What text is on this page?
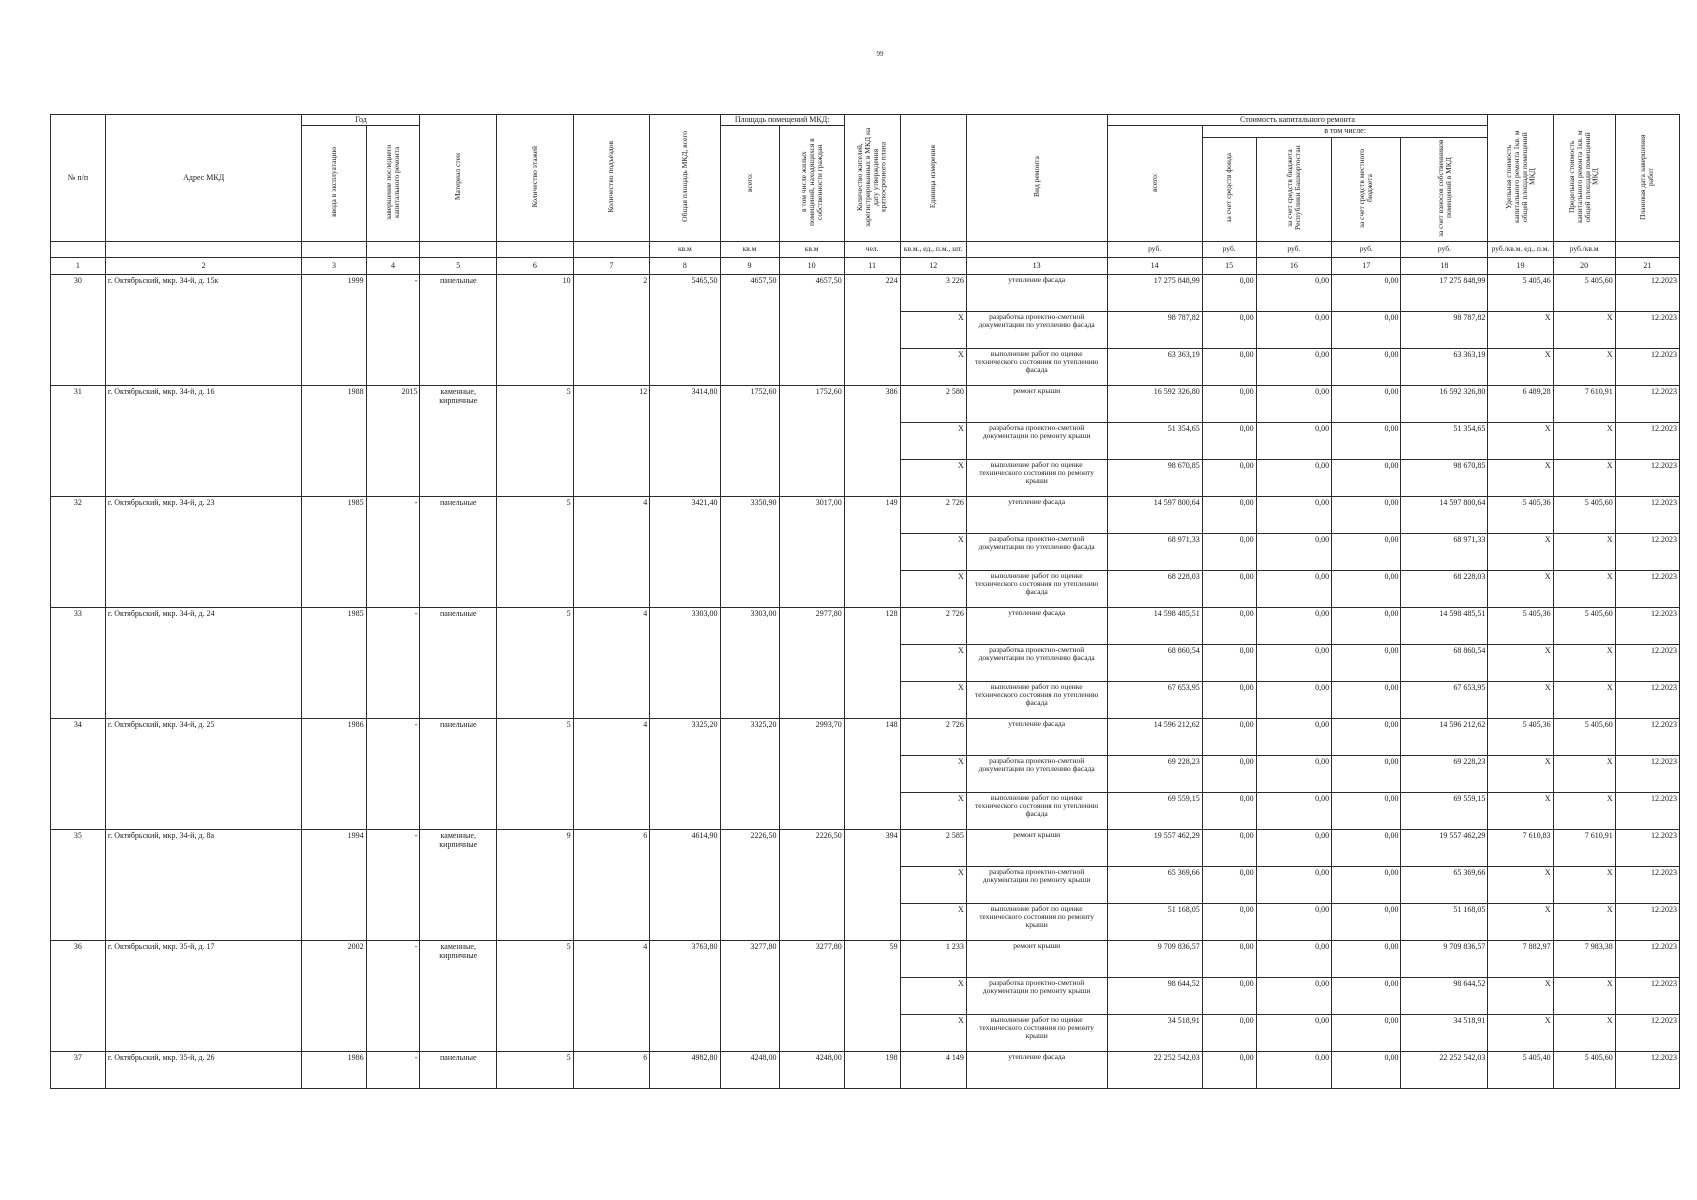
99
№ п/п	Адрес МКД	Год		Материал стен	Количество этажей	Количество подъездов	Общая площадь МКД, всего	Площадь помещений МКД:		Количество жителей, зарегистрированных в МКД на дату утверждения краткосрочного плана	Единица измерения	Вид ремонта	Стоимость капитального ремонта					Удельная стоимость капитального ремонта 1кв. м общей площади помещений МКД	Предельная стоимость капитального ремонта 1кв. м общей площади помещений МКД	Плановая дата завершения работ
		ввода в эксплуатацию	завершение последнего капитального ремонта					всего:	в том числе жилых помещений, находящихся в собственности граждан				всего:	в том числе:						
														за счет средств фонда	за счет средств бюджета Республики Башкортостан	за счет средств местного бюджета	за счет взносов собственников помещений в МКД			
							кв.м	кв.м	кв.м	чел.	кв.м., ед., п.м., шт.		руб.	руб.	руб.	руб.	руб.	руб./кв.м. ед., п.м.	руб./кв.м	
1	2	3	4	5	6	7	8	9	10	11	12	13	14	15	16	17	18	19	20	21
30	г. Октябрьский, мкр. 34-й, д. 15к	1999	-	панельные	10	2	5465,50	4657,50	4657,50	224	3 226	утепление фасада	17 275 848,99	0,00	0,00	0,00	17 275 848,99	5 405,46	5 405,60	12.2023
											X	разработка проектно-сметной документации по утеплению фасада	98 787,82	0,00	0,00	0,00	98 787,82	X	X	12.2023
											X	выполнение работ по оценке технического состояния по утеплению фасада	63 363,19	0,00	0,00	0,00	63 363,19	X	X	12.2023
31	г. Октябрьский, мкр. 34-й, д. 16	1988	2015	каменные, кирпичные	5	12	3414,80	1752,60	1752,60	386	2 580	ремонт крыши	16 592 326,80	0,00	0,00	0,00	16 592 326,80	6 489,28	7 610,91	12.2023
											X	разработка проектно-сметной документации по ремонту крыши	51 354,65	0,00	0,00	0,00	51 354,65	X	X	12.2023
											X	выполнение работ по оценке технического состояния по ремонту крыши	98 670,85	0,00	0,00	0,00	98 670,85	X	X	12.2023
32	г. Октябрьский, мкр. 34-й, д. 23	1985	-	панельные	5	4	3421,40	3350,90	3017,00	149	2 726	утепление фасада	14 597 800,64	0,00	0,00	0,00	14 597 800,64	5 405,36	5 405,60	12.2023
											X	разработка проектно-сметной документации по утеплению фасада	68 971,33	0,00	0,00	0,00	68 971,33	X	X	12.2023
											X	выполнение работ по оценке технического состояния по утеплению фасада	68 228,03	0,00	0,00	0,00	68 228,03	X	X	12.2023
33	г. Октябрьский, мкр. 34-й, д. 24	1985	-	панельные	5	4	3303,00	3303,00	2977,80	128	2 726	утепление фасада	14 598 485,51	0,00	0,00	0,00	14 598 485,51	5 405,36	5 405,60	12.2023
											X	разработка проектно-сметной документации по утеплению фасада	68 860,54	0,00	0,00	0,00	68 860,54	X	X	12.2023
											X	выполнение работ по оценке технического состояния по утеплению фасада	67 653,95	0,00	0,00	0,00	67 653,95	X	X	12.2023
34	г. Октябрьский, мкр. 34-й, д. 25	1986	-	панельные	5	4	3325,20	3325,20	2993,70	148	2 726	утепление фасада	14 596 212,62	0,00	0,00	0,00	14 596 212,62	5 405,36	5 405,60	12.2023
											X	разработка проектно-сметной документации по утеплению фасада	69 228,23	0,00	0,00	0,00	69 228,23	X	X	12.2023
											X	выполнение работ по оценке технического состояния по утеплению фасада	69 559,15	0,00	0,00	0,00	69 559,15	X	X	12.2023
35	г. Октябрьский, мкр. 34-й, д. 8а	1994	-	каменные, кирпичные	9	6	4614,90	2226,50	2226,50	394	2 585	ремонт крыши	19 557 462,29	0,00	0,00	0,00	19 557 462,29	7 610,83	7 610,91	12.2023
											X	разработка проектно-сметной документации по ремонту крыши	65 369,66	0,00	0,00	0,00	65 369,66	X	X	12.2023
											X	выполнение работ по оценке технического состояния по ремонту крыши	51 168,05	0,00	0,00	0,00	51 168,05	X	X	12.2023
36	г. Октябрьский, мкр. 35-й, д. 17	2002	-	каменные, кирпичные	5	4	3763,80	3277,80	3277,80	59	1 233	ремонт крыши	9 709 836,57	0,00	0,00	0,00	9 709 836,57	7 882,97	7 983,38	12.2023
											X	разработка проектно-сметной документации по ремонту крыши	98 644,52	0,00	0,00	0,00	98 644,52	X	X	12.2023
											X	выполнение работ по оценке технического состояния по ремонту крыши	34 518,91	0,00	0,00	0,00	34 518,91	X	X	12.2023
37	г. Октябрьский, мкр. 35-й, д. 26	1986	-	панельные	5	6	4982,80	4248,00	4248,00	198	4 149	утепление фасада	22 252 542,03	0,00	0,00	0,00	22 252 542,03	5 405,40	5 405,60	12.2023
